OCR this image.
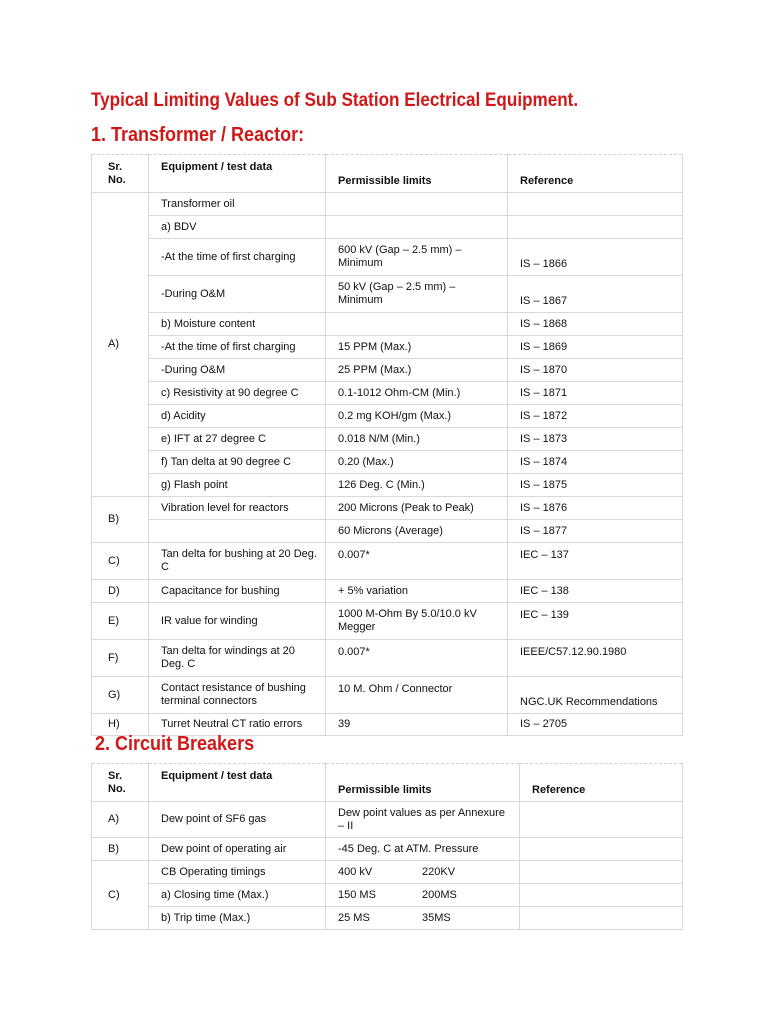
Typical Limiting Values of Sub Station Electrical Equipment.
1. Transformer / Reactor:
Sr. No.	Equipment / test data	Permissible limits	Reference
A)	Transformer oil		
	a) BDV		
	-At the time of first charging	600 kV (Gap – 2.5 mm) – Minimum	IS – 1866
	-During O&M	50 kV (Gap – 2.5 mm) – Minimum	IS – 1867
	b) Moisture content		IS – 1868
	-At the time of first charging	15 PPM (Max.)	IS – 1869
	-During O&M	25 PPM (Max.)	IS – 1870
	c) Resistivity at 90 degree C	0.1-1012 Ohm-CM (Min.)	IS – 1871
	d) Acidity	0.2 mg KOH/gm (Max.)	IS – 1872
	e) IFT at 27 degree C	0.018 N/M (Min.)	IS – 1873
	f) Tan delta at 90 degree C	0.20 (Max.)	IS – 1874
	g) Flash point	126 Deg. C (Min.)	IS – 1875
B)	Vibration level for reactors	200 Microns (Peak to Peak)	IS – 1876
		60 Microns (Average)	IS – 1877
C)	Tan delta for bushing at 20 Deg. C	0.007*	IEC – 137
D)	Capacitance for bushing	+ 5% variation	IEC – 138
E)	IR value for winding	1000 M-Ohm By 5.0/10.0 kV Megger	IEC – 139
F)	Tan delta for windings at 20 Deg. C	0.007*	IEEE/C57.12.90.1980
G)	Contact resistance of bushing terminal connectors	10 M. Ohm / Connector	NGC.UK Recommendations
H)	Turret Neutral CT ratio errors	39	IS – 2705
2. Circuit Breakers
Sr. No.	Equipment / test data	Permissible limits	Reference
A)	Dew point of SF6 gas	Dew point values as per Annexure – II	
B)	Dew point of operating air	-45 Deg. C at ATM. Pressure	
C)	CB Operating timings	400 kV 220KV	

	a) Closing time (Max.)	150 MS 200MS	

	b) Trip time (Max.)	25 MS 35MS	
